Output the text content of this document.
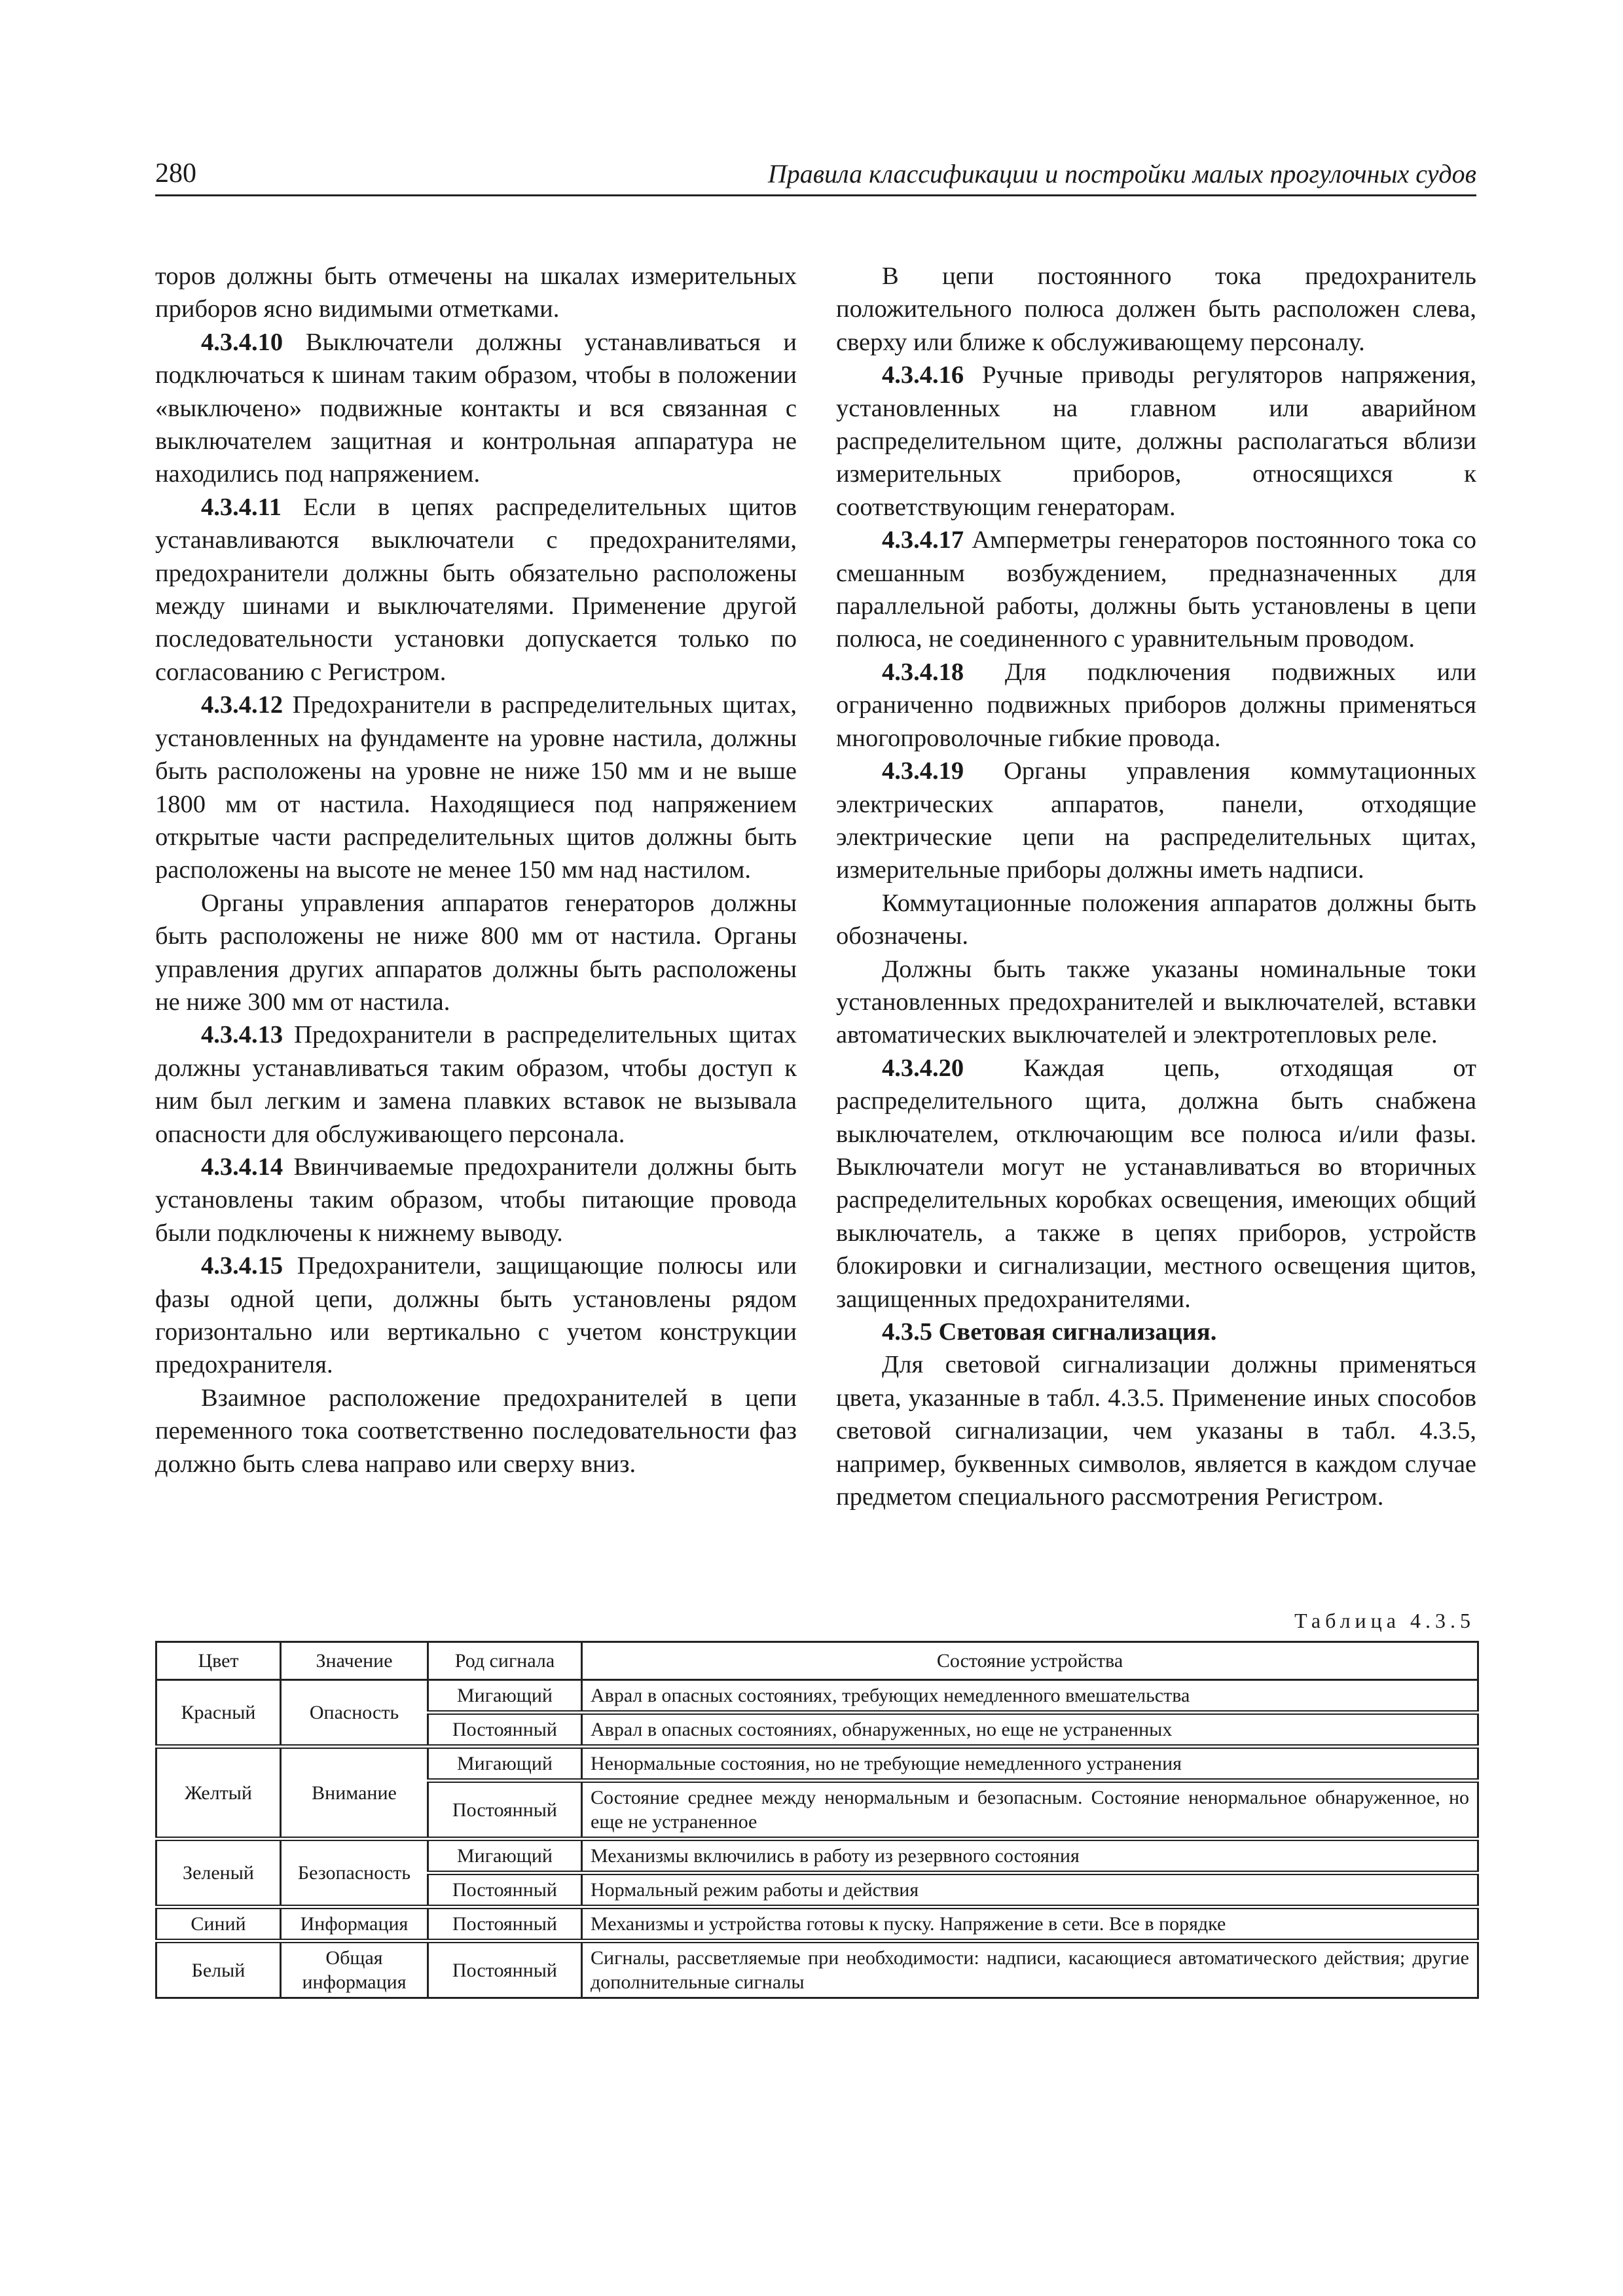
280	Правила классификации и постройки малых прогулочных судов

торов должны быть отмечены на шкалах измерительных приборов ясно видимыми отметками.

4.3.4.10 Выключатели должны устанавливаться и подключаться к шинам таким образом, чтобы в положении «выключено» подвижные контакты и вся связанная с выключателем защитная и контрольная аппаратура не находились под напряжением.

4.3.4.11 Если в цепях распределительных щитов устанавливаются выключатели с предохранителями, предохранители должны быть обязательно расположены между шинами и выключателями. Применение другой последовательности установки допускается только по согласованию с Регистром.

4.3.4.12 Предохранители в распределительных щитах, установленных на фундаменте на уровне настила, должны быть расположены на уровне не ниже 150 мм и не выше 1800 мм от настила. Находящиеся под напряжением открытые части распределительных щитов должны быть расположены на высоте не менее 150 мм над настилом.

Органы управления аппаратов генераторов должны быть расположены не ниже 800 мм от настила. Органы управления других аппаратов должны быть расположены не ниже 300 мм от настила.

4.3.4.13 Предохранители в распределительных щитах должны устанавливаться таким образом, чтобы доступ к ним был легким и замена плавких вставок не вызывала опасности для обслуживающего персонала.

4.3.4.14 Ввинчиваемые предохранители должны быть установлены таким образом, чтобы питающие провода были подключены к нижнему выводу.

4.3.4.15 Предохранители, защищающие полюсы или фазы одной цепи, должны быть установлены рядом горизонтально или вертикально с учетом конструкции предохранителя.

Взаимное расположение предохранителей в цепи переменного тока соответственно последовательности фаз должно быть слева направо или сверху вниз.

В цепи постоянного тока предохранитель положительного полюса должен быть расположен слева, сверху или ближе к обслуживающему персоналу.

4.3.4.16 Ручные приводы регуляторов напряжения, установленных на главном или аварийном распределительном щите, должны располагаться вблизи измерительных приборов, относящихся к соответствующим генераторам.

4.3.4.17 Амперметры генераторов постоянного тока со смешанным возбуждением, предназначенных для параллельной работы, должны быть установлены в цепи полюса, не соединенного с уравнительным проводом.

4.3.4.18 Для подключения подвижных или ограниченно подвижных приборов должны применяться многопроволочные гибкие провода.

4.3.4.19 Органы управления коммутационных электрических аппаратов, панели, отходящие электрические цепи на распределительных щитах, измерительные приборы должны иметь надписи.

Коммутационные положения аппаратов должны быть обозначены.

Должны быть также указаны номинальные токи установленных предохранителей и выключателей, вставки автоматических выключателей и электротепловых реле.

4.3.4.20 Каждая цепь, отходящая от распределительного щита, должна быть снабжена выключателем, отключающим все полюса и/или фазы. Выключатели могут не устанавливаться во вторичных распределительных коробках освещения, имеющих общий выключатель, а также в цепях приборов, устройств блокировки и сигнализации, местного освещения щитов, защищенных предохранителями.

4.3.5 Световая сигнализация.

Для световой сигнализации должны применяться цвета, указанные в табл. 4.3.5. Применение иных способов световой сигнализации, чем указаны в табл. 4.3.5, например, буквенных символов, является в каждом случае предметом специального рассмотрения Регистром.

Таблица 4.3.5
Цвет	Значение	Род сигнала	Состояние устройства
Красный	Опасность	Мигающий	Аврал в опасных состояниях, требующих немедленного вмешательства
		Постоянный	Аврал в опасных состояниях, обнаруженных, но еще не устраненных
Желтый	Внимание	Мигающий	Ненормальные состояния, но не требующие немедленного устранения
		Постоянный	Состояние среднее между ненормальным и безопасным. Состояние ненормальное обнаруженное, но еще не устраненное
Зеленый	Безопасность	Мигающий	Механизмы включились в работу из резервного состояния
		Постоянный	Нормальный режим работы и действия
Синий	Информация	Постоянный	Механизмы и устройства готовы к пуску. Напряжение в сети. Все в порядке
Белый	Общая информация	Постоянный	Сигналы, рассветляемые при необходимости: надписи, касающиеся автоматического действия; другие дополнительные сигналы
